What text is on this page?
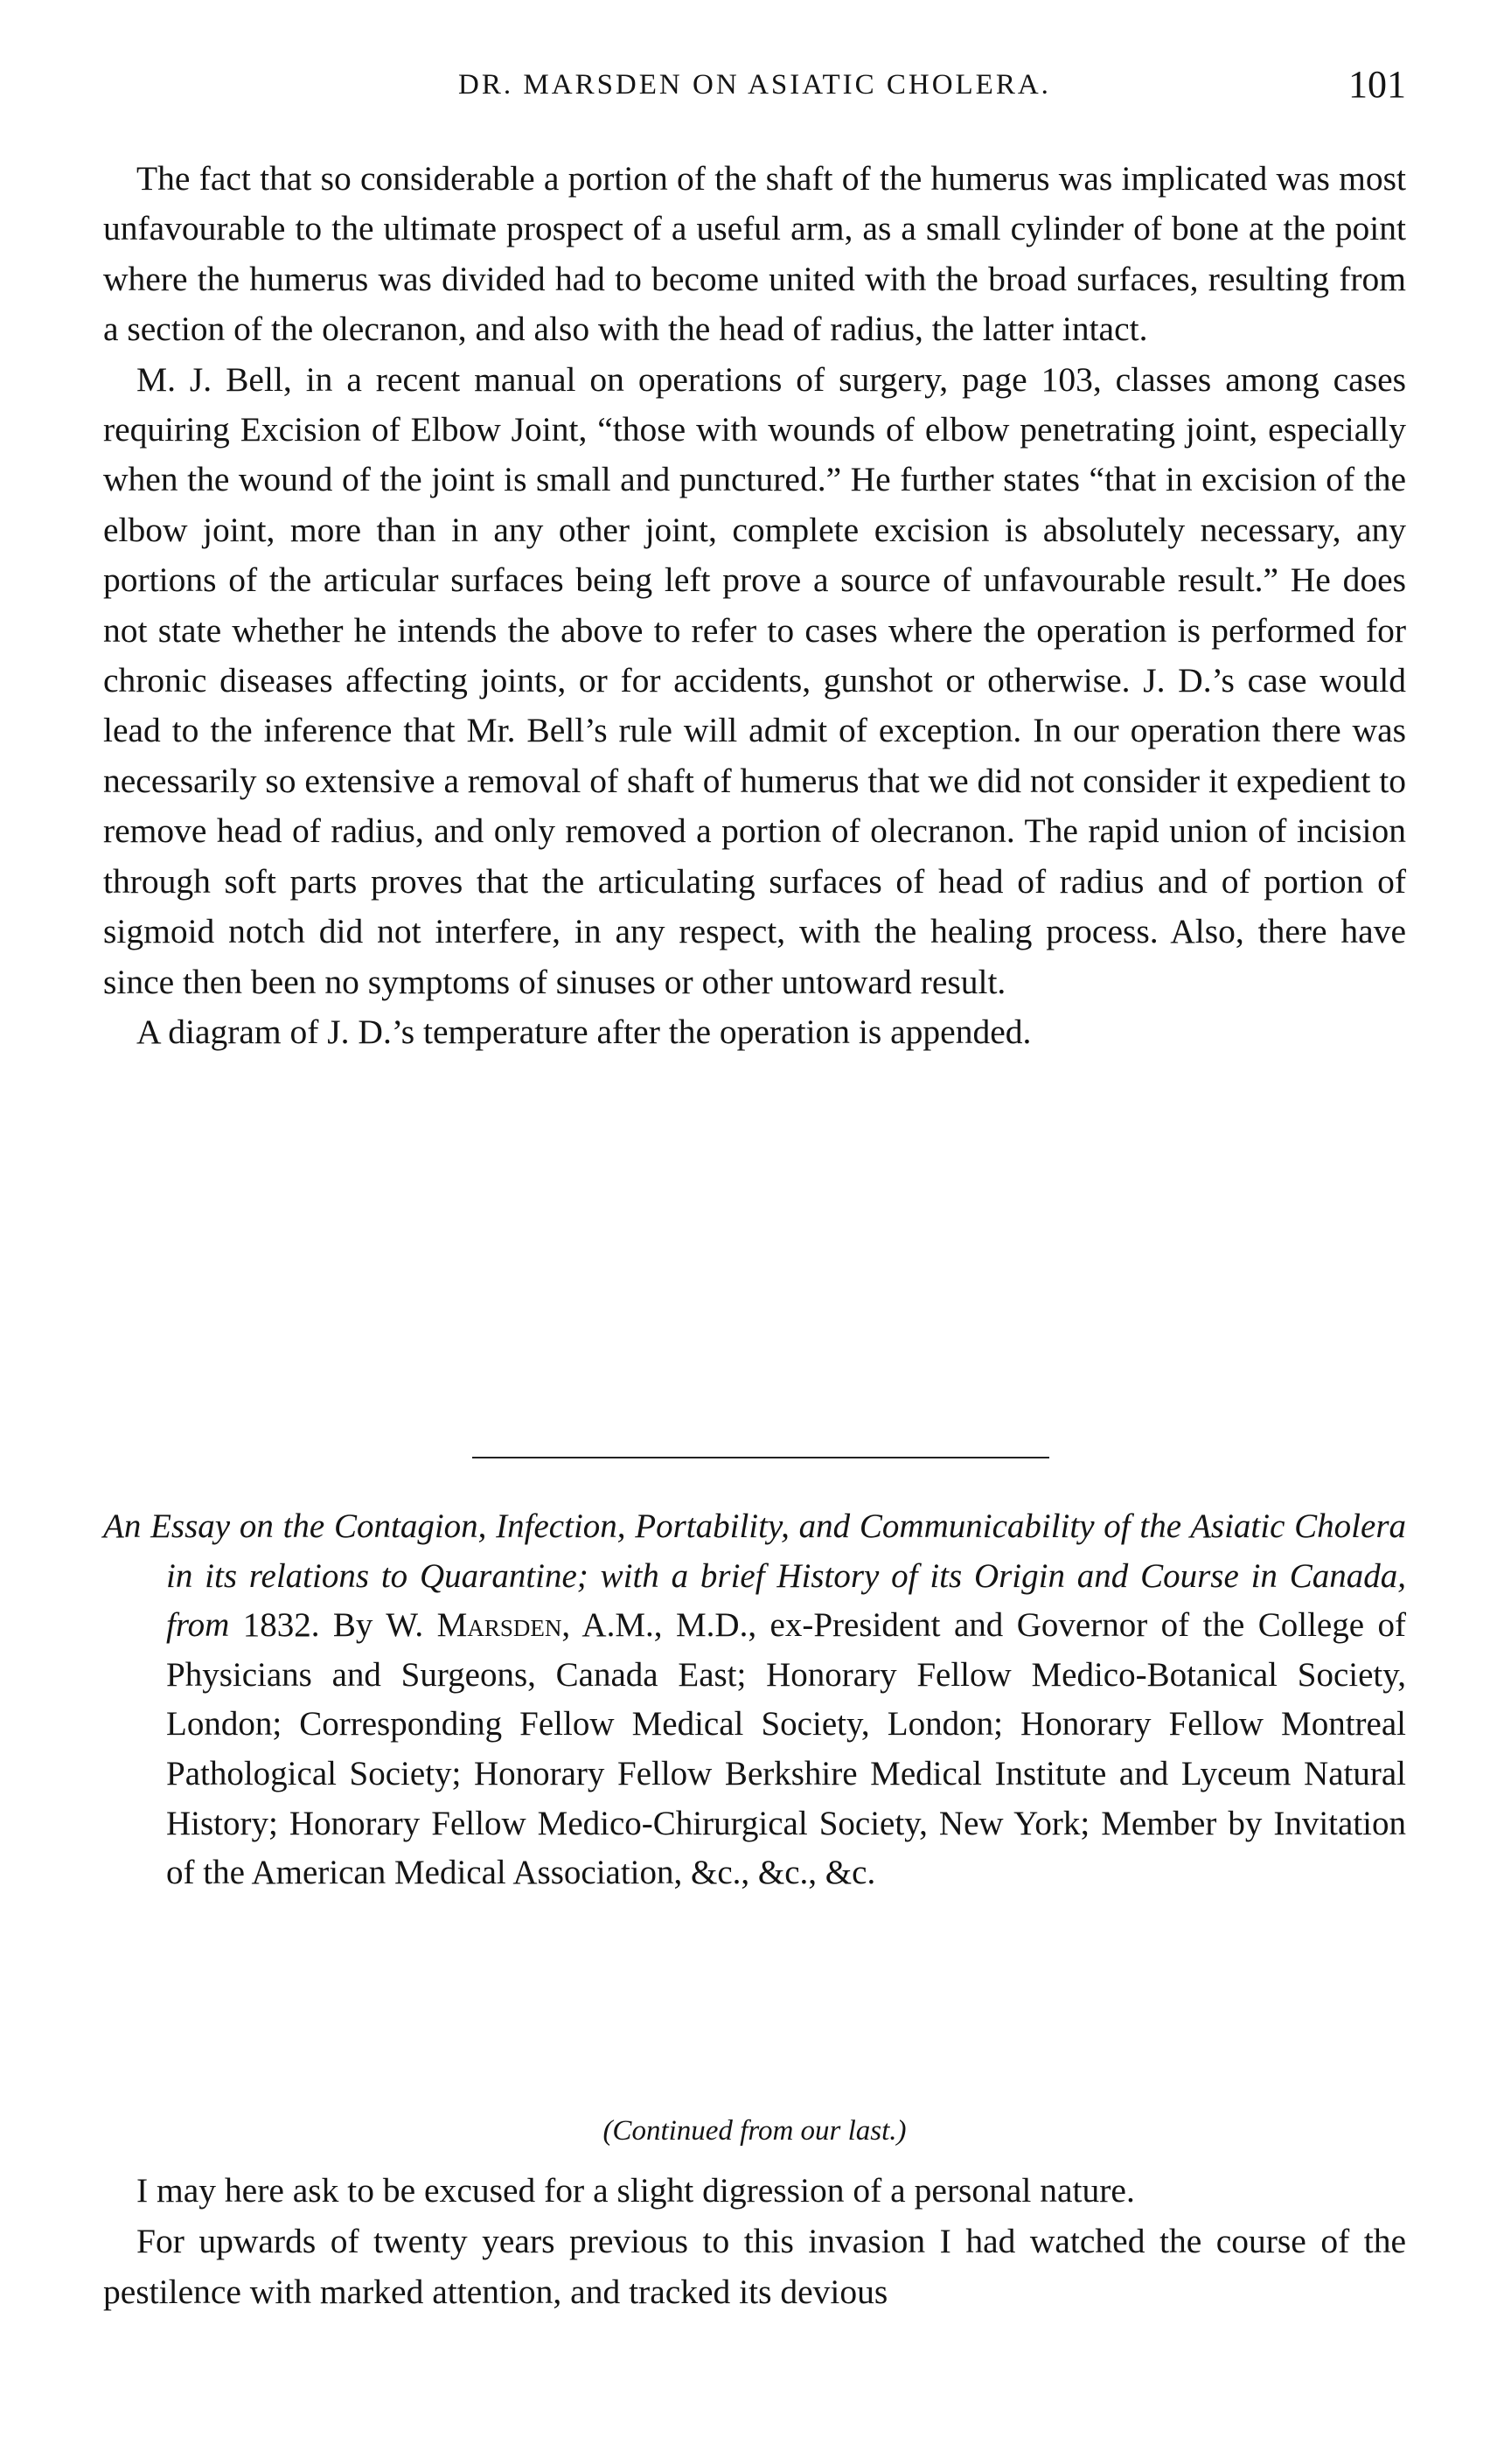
DR. MARSDEN ON ASIATIC CHOLERA.	101

The fact that so considerable a portion of the shaft of the humerus was implicated was most unfavourable to the ultimate prospect of a useful arm, as a small cylinder of bone at the point where the humerus was divided had to become united with the broad surfaces, resulting from a section of the olecranon, and also with the head of radius, the latter intact.

M. J. Bell, in a recent manual on operations of surgery, page 103, classes among cases requiring Excision of Elbow Joint, “those with wounds of elbow penetrating joint, especially when the wound of the joint is small and punctured.” He further states “that in excision of the elbow joint, more than in any other joint, complete excision is absolutely necessary, any portions of the articular surfaces being left prove a source of unfavourable result.” He does not state whether he intends the above to refer to cases where the operation is performed for chronic diseases affecting joints, or for accidents, gunshot or otherwise. J. D.’s case would lead to the inference that Mr. Bell’s rule will admit of exception. In our operation there was necessarily so extensive a removal of shaft of humerus that we did not consider it expedient to remove head of radius, and only removed a portion of olecranon. The rapid union of incision through soft parts proves that the articulating surfaces of head of radius and of portion of sigmoid notch did not interfere, in any respect, with the healing process. Also, there have since then been no symptoms of sinuses or other untoward result.

A diagram of J. D.’s temperature after the operation is appended.

An Essay on the Contagion, Infection, Portability, and Communicability of the Asiatic Cholera in its relations to Quarantine; with a brief History of its Origin and Course in Canada, from 1832. By W. Marsden, A.M., M.D., ex-President and Governor of the College of Physicians and Surgeons, Canada East; Honorary Fellow Medico-Botanical Society, London; Corresponding Fellow Medical Society, London; Honorary Fellow Montreal Pathological Society; Honorary Fellow Berkshire Medical Institute and Lyceum Natural History; Honorary Fellow Medico-Chirurgical Society, New York; Member by Invitation of the American Medical Association, &c., &c., &c.

(Continued from our last.)

I may here ask to be excused for a slight digression of a personal nature.

For upwards of twenty years previous to this invasion I had watched the course of the pestilence with marked attention, and tracked its devious
